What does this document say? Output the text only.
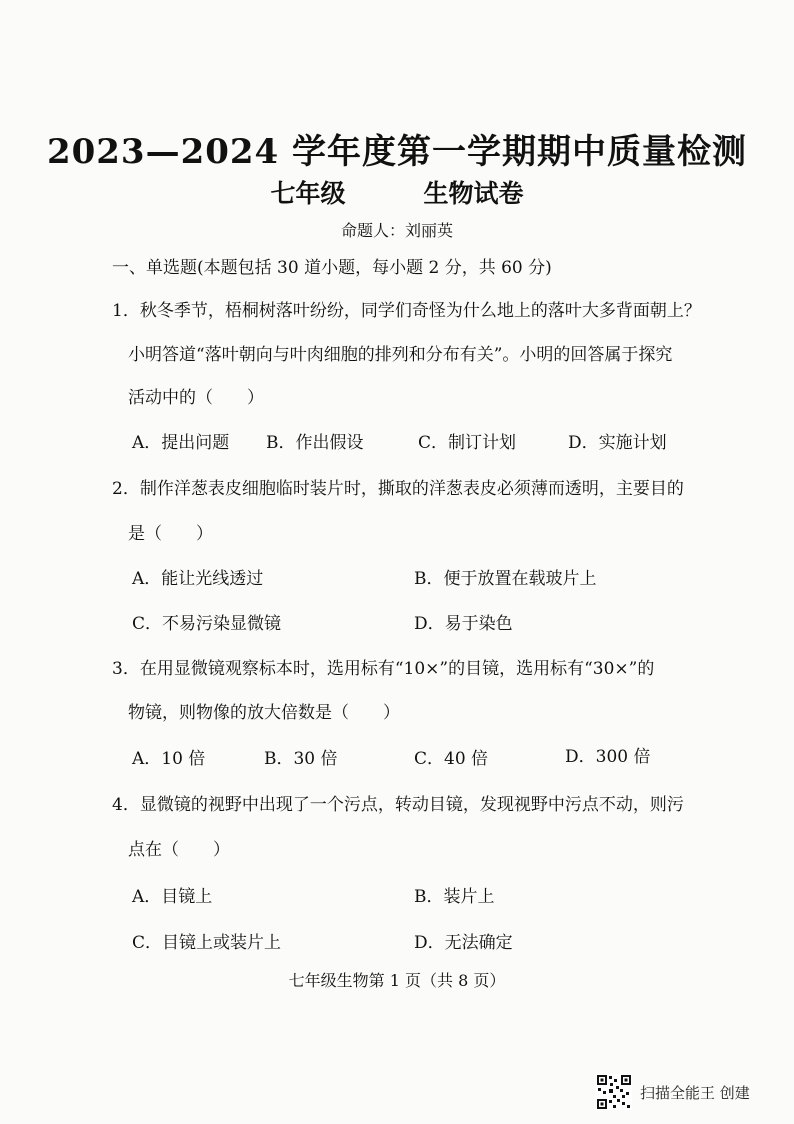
2023—2024 学年度第一学期期中质量检测
七年级	生物试卷
命题人：刘丽英
一、单选题(本题包括 30 道小题，每小题 2 分，共 60 分)
1．秋冬季节，梧桐树落叶纷纷，同学们奇怪为什么地上的落叶大多背面朝上？
小明答道“落叶朝向与叶肉细胞的排列和分布有关”。小明的回答属于探究
活动中的（　　）
A．提出问题 B．作出假设	C．制订计划	D．实施计划
2．制作洋葱表皮细胞临时装片时，撕取的洋葱表皮必须薄而透明，主要目的
是（　　）
A．能让光线透过	B．便于放置在载玻片上
C．不易污染显微镜	D．易于染色
3．在用显微镜观察标本时，选用标有“10×”的目镜，选用标有“30×”的
物镜，则物像的放大倍数是（　　）
A．10 倍	B．30 倍	C．40 倍	D．300 倍
4．显微镜的视野中出现了一个污点，转动目镜，发现视野中污点不动，则污
点在（　　）
A．目镜上	B．装片上
C．目镜上或装片上	D．无法确定
七年级生物第 1 页（共 8 页）
扫描全能王 创建
